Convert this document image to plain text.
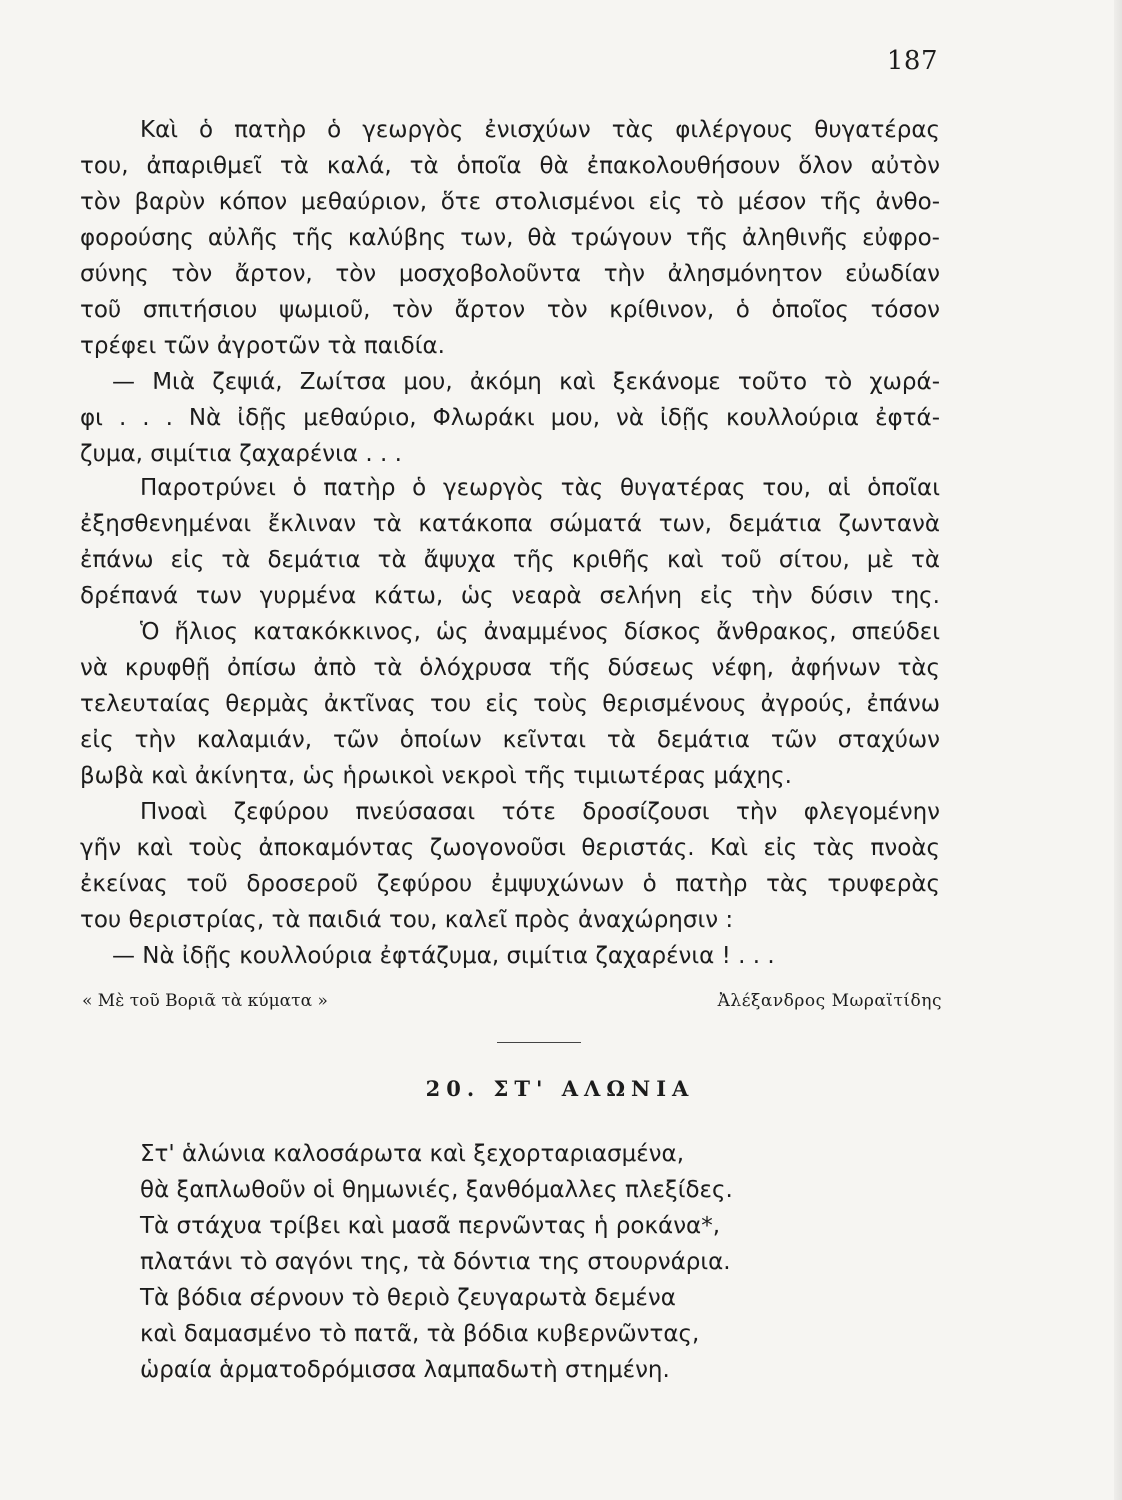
187
Καὶ ὁ πατὴρ ὁ γεωργὸς ἐνισχύων τὰς φιλέργους θυγατέρας
του, ἀπαριθμεῖ τὰ καλά, τὰ ὁποῖα θὰ ἐπακολουθήσουν ὅλον αὐτὸν
τὸν βαρὺν κόπον μεθαύριον, ὅτε στολισμένοι εἰς τὸ μέσον τῆς ἀνθο-
φορούσης αὐλῆς τῆς καλύβης των, θὰ τρώγουν τῆς ἀληθινῆς εὐφρο-
σύνης τὸν ἄρτον, τὸν μοσχοβολοῦντα τὴν ἀλησμόνητον εὐωδίαν
τοῦ σπιτήσιου ψωμιοῦ, τὸν ἄρτον τὸν κρίθινον, ὁ ὁποῖος τόσον
τρέφει τῶν ἀγροτῶν τὰ παιδία.
— Μιὰ ζεψιά, Ζωίτσα μου, ἀκόμη καὶ ξεκάνομε τοῦτο τὸ χωρά-
φι . . . Νὰ ἰδῇς μεθαύριο, Φλωράκι μου, νὰ ἰδῇς κουλλούρια ἐφτά-
ζυμα, σιμίτια ζαχαρένια . . .
Παροτρύνει ὁ πατὴρ ὁ γεωργὸς τὰς θυγατέρας του, αἱ ὁποῖαι
ἐξησθενημέναι ἔκλιναν τὰ κατάκοπα σώματά των, δεμάτια ζωντανὰ
ἐπάνω εἰς τὰ δεμάτια τὰ ἄψυχα τῆς κριθῆς καὶ τοῦ σίτου, μὲ τὰ
δρέπανά των γυρμένα κάτω, ὡς νεαρὰ σελήνη εἰς τὴν δύσιν της.
Ὁ ἥλιος κατακόκκινος, ὡς ἀναμμένος δίσκος ἄνθρακος, σπεύδει
νὰ κρυφθῇ ὀπίσω ἀπὸ τὰ ὁλόχρυσα τῆς δύσεως νέφη, ἀφήνων τὰς
τελευταίας θερμὰς ἀκτῖνας του εἰς τοὺς θερισμένους ἀγρούς, ἐπάνω
εἰς τὴν καλαμιάν, τῶν ὁποίων κεῖνται τὰ δεμάτια τῶν σταχύων
βωβὰ καὶ ἀκίνητα, ὡς ἡρωικοὶ νεκροὶ τῆς τιμιωτέρας μάχης.
Πνοαὶ ζεφύρου πνεύσασαι τότε δροσίζουσι τὴν φλεγομένην
γῆν καὶ τοὺς ἀποκαμόντας ζωογονοῦσι θεριστάς. Καὶ εἰς τὰς πνοὰς
ἐκείνας τοῦ δροσεροῦ ζεφύρου ἐμψυχώνων ὁ πατὴρ τὰς τρυφερὰς
του θεριστρίας, τὰ παιδιά του, καλεῖ πρὸς ἀναχώρησιν :
— Νὰ ἰδῇς κουλλούρια ἐφτάζυμα, σιμίτια ζαχαρένια ! . . .
« Μὲ τοῦ Βοριᾶ τὰ κύματα »	Ἀλέξανδρος Μωραϊτίδης
20. ΣΤ' ΑΛΩΝΙΑ
Στ' ἁλώνια καλοσάρωτα καὶ ξεχορταριασμένα,
θὰ ξαπλωθοῦν οἱ θημωνιές, ξανθόμαλλες πλεξίδες.
Τὰ στάχυα τρίβει καὶ μασᾶ περνῶντας ἡ ροκάνα*,
πλατάνι τὸ σαγόνι της, τὰ δόντια της στουρνάρια.
Τὰ βόδια σέρνουν τὸ θεριὸ ζευγαρωτὰ δεμένα
καὶ δαμασμένο τὸ πατᾶ, τὰ βόδια κυβερνῶντας,
ὡραία ἁρματοδρόμισσα λαμπαδωτὴ στημένη.
